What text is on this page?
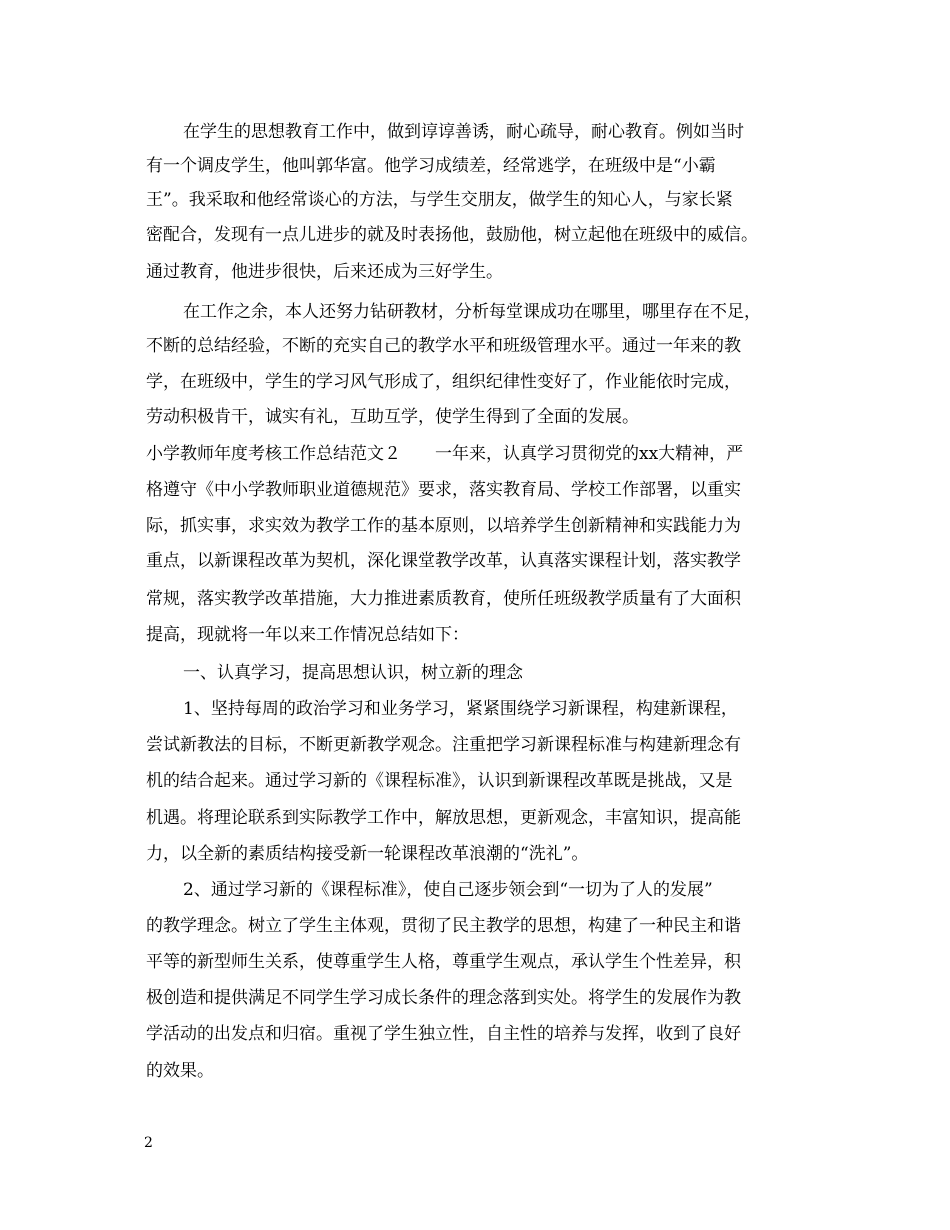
在学生的思想教育工作中，做到谆谆善诱，耐心疏导，耐心教育。例如当时
有一个调皮学生，他叫郭华富。他学习成绩差，经常逃学，在班级中是“小霸
王”。我采取和他经常谈心的方法，与学生交朋友，做学生的知心人，与家长紧
密配合，发现有一点儿进步的就及时表扬他，鼓励他，树立起他在班级中的威信。
通过教育，他进步很快，后来还成为三好学生。
在工作之余，本人还努力钻研教材，分析每堂课成功在哪里，哪里存在不足，
不断的总结经验，不断的充实自己的教学水平和班级管理水平。通过一年来的教
学，在班级中，学生的学习风气形成了，组织纪律性变好了，作业能依时完成，
劳动积极肯干，诚实有礼，互助互学，使学生得到了全面的发展。
小学教师年度考核工作总结范文２　　一年来，认真学习贯彻党的xx大精神，严
格遵守《中小学教师职业道德规范》要求，落实教育局、学校工作部署，以重实
际，抓实事，求实效为教学工作的基本原则，以培养学生创新精神和实践能力为
重点，以新课程改革为契机，深化课堂教学改革，认真落实课程计划，落实教学
常规，落实教学改革措施，大力推进素质教育，使所任班级教学质量有了大面积
提高，现就将一年以来工作情况总结如下：
一、认真学习，提高思想认识，树立新的理念
1、坚持每周的政治学习和业务学习，紧紧围绕学习新课程，构建新课程，
尝试新教法的目标，不断更新教学观念。注重把学习新课程标准与构建新理念有
机的结合起来。通过学习新的《课程标准》，认识到新课程改革既是挑战，又是
机遇。将理论联系到实际教学工作中，解放思想，更新观念，丰富知识，提高能
力，以全新的素质结构接受新一轮课程改革浪潮的“洗礼”。
2、通过学习新的《课程标准》，使自己逐步领会到“一切为了人的发展”
的教学理念。树立了学生主体观，贯彻了民主教学的思想，构建了一种民主和谐
平等的新型师生关系，使尊重学生人格，尊重学生观点，承认学生个性差异，积
极创造和提供满足不同学生学习成长条件的理念落到实处。将学生的发展作为教
学活动的出发点和归宿。重视了学生独立性，自主性的培养与发挥，收到了良好
的效果。
2
